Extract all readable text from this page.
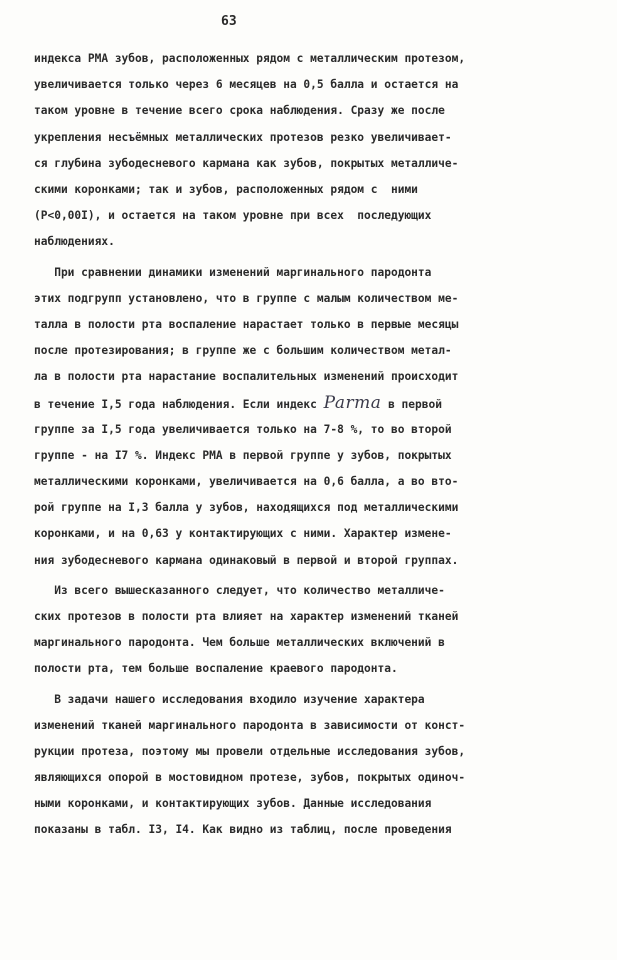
63
индекса РМА зубов, расположенных рядом с металлическим протезом,
увеличивается только через 6 месяцев на 0,5 балла и остается на
таком уровне в течение всего срока наблюдения. Сразу же после
укрепления несъёмных металлических протезов резко увеличивает-
ся глубина зубодесневого кармана как зубов, покрытых металличе-
скими коронками; так и зубов, расположенных рядом с  ними
(Р<0,00I), и остается на таком уровне при всех  последующих
наблюдениях.
При сравнении динамики изменений маргинального пародонта
этих подгрупп установлено, что в группе с малым количеством ме-
талла в полости рта воспаление нарастает только в первые месяцы
после протезирования; в группе же с большим количеством метал-
ла в полости рта нарастание воспалительных изменений происходит
в течение I,5 года наблюдения. Если индекс Parma в первой
группе за I,5 года увеличивается только на 7-8 %, то во второй
группе - на I7 %. Индекс РМА в первой группе у зубов, покрытых
металлическими коронками, увеличивается на 0,6 балла, а во вто-
рой группе на I,3 балла у зубов, находящихся под металлическими
коронками, и на 0,63 у контактирующих с ними. Характер измене-
ния зубодесневого кармана одинаковый в первой и второй группах.
Из всего вышесказанного следует, что количество металличе-
ских протезов в полости рта влияет на характер изменений тканей
маргинального пародонта. Чем больше металлических включений в
полости рта, тем больше воспаление краевого пародонта.
В задачи нашего исследования входило изучение характера
изменений тканей маргинального пародонта в зависимости от конст-
рукции протеза, поэтому мы провели отдельные исследования зубов,
являющихся опорой в мостовидном протезе, зубов, покрытых одиноч-
ными коронками, и контактирующих зубов. Данные исследования
показаны в табл. I3, I4. Как видно из таблиц, после проведения
